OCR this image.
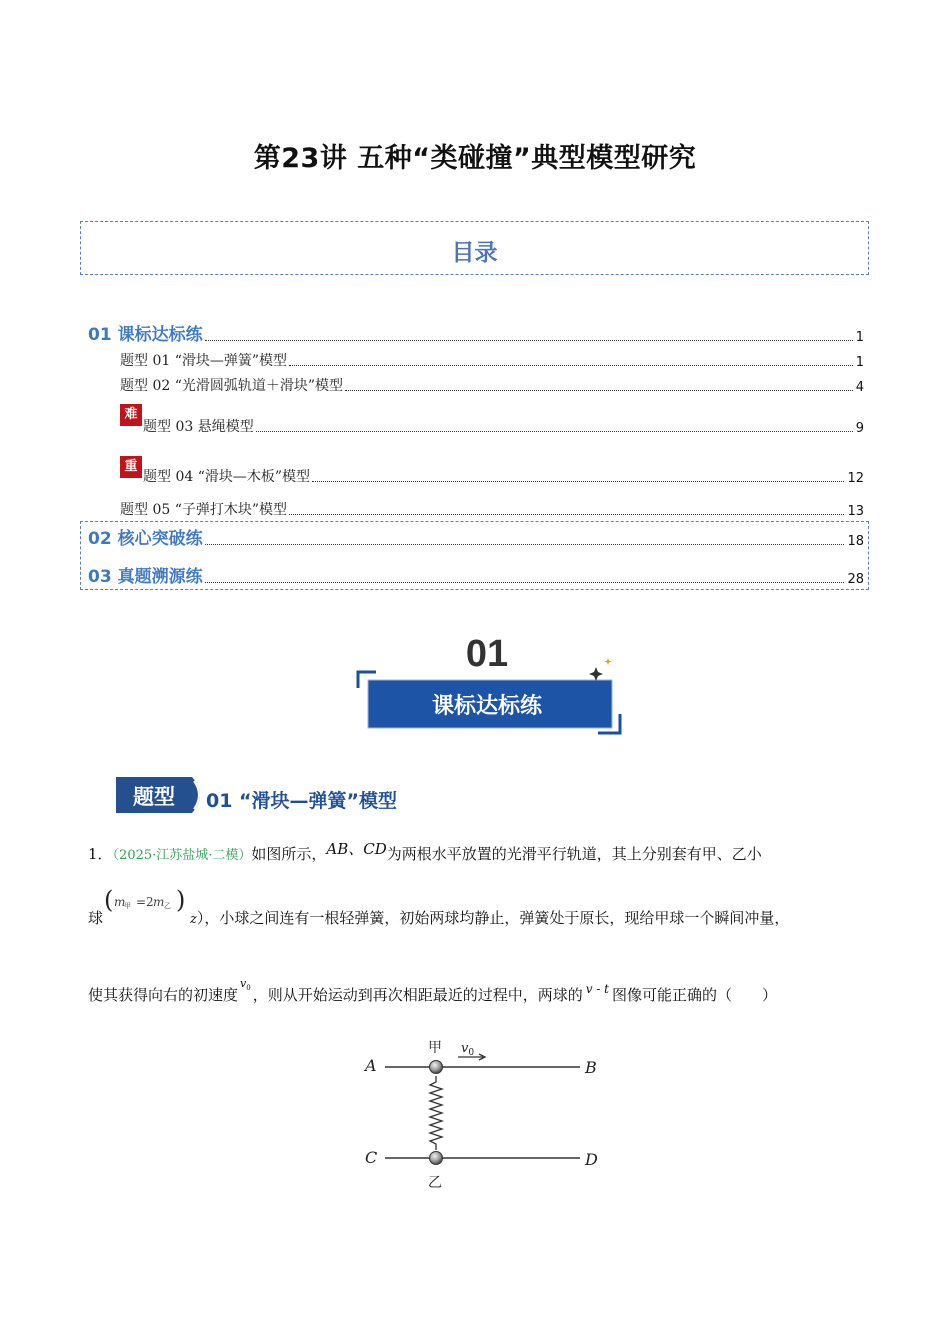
第23讲 五种“类碰撞”典型模型研究
目录
01 课标达标练	1
题型 01 “滑块—弹簧”模型	1
题型 02 “光滑圆弧轨道＋滑块”模型	4
难题型 03 悬绳模型	9
重题型 04 “滑块—木板”模型	12
题型 05 “子弹打木块”模型	13
02 核心突破练	18
03 真题溯源练	28
01
课标达标练
题型 01 “滑块—弹簧”模型
1．（2025·江苏盐城·二模）如图所示，AB、CD为两根水平放置的光滑平行轨道，其上分别套有甲、乙小
球
( m
甲 =2 m 乙 )
z），小球之间连有一根轻弹簧，初始两球均静止，弹簧处于原长，现给甲球一个瞬间冲量，
使其获得向右的初速度$^{v_0}$ ，则从开始运动到再次相距最近的过程中，两球的 $^{v - t}$ 图像可能正确的（　　）
A	B
C	D
甲
乙
$v_0$
